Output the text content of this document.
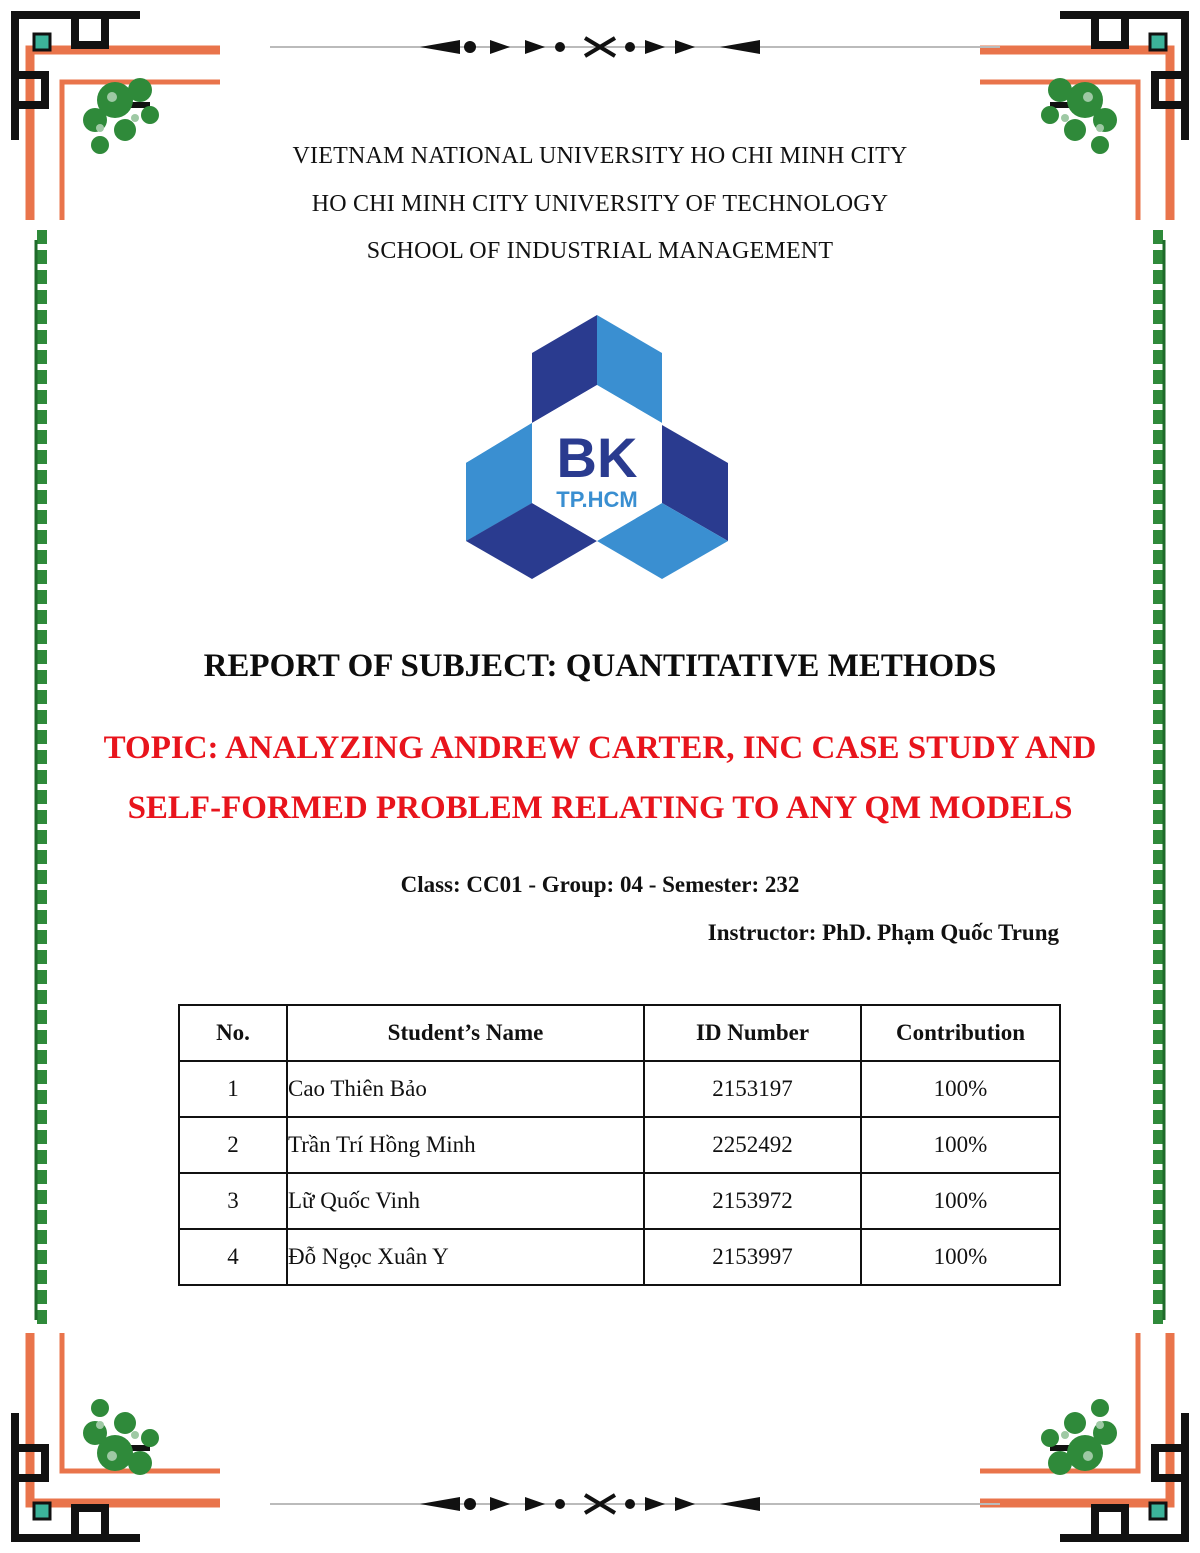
VIETNAM NATIONAL UNIVERSITY HO CHI MINH CITY
HO CHI MINH CITY UNIVERSITY OF TECHNOLOGY
SCHOOL OF INDUSTRIAL MANAGEMENT
BK
TP.HCM
REPORT OF SUBJECT: QUANTITATIVE METHODS
TOPIC: ANALYZING ANDREW CARTER, INC CASE STUDY AND
SELF-FORMED PROBLEM RELATING TO ANY QM MODELS
Class: CC01 - Group: 04 - Semester: 232
Instructor: PhD. Phạm Quốc Trung
No.	Student’s Name	ID Number	Contribution
1	Cao Thiên Bảo	2153197	100%
2	Trần Trí Hồng Minh	2252492	100%
3	Lữ Quốc Vinh	2153972	100%
4	Đỗ Ngọc Xuân Y	2153997	100%
